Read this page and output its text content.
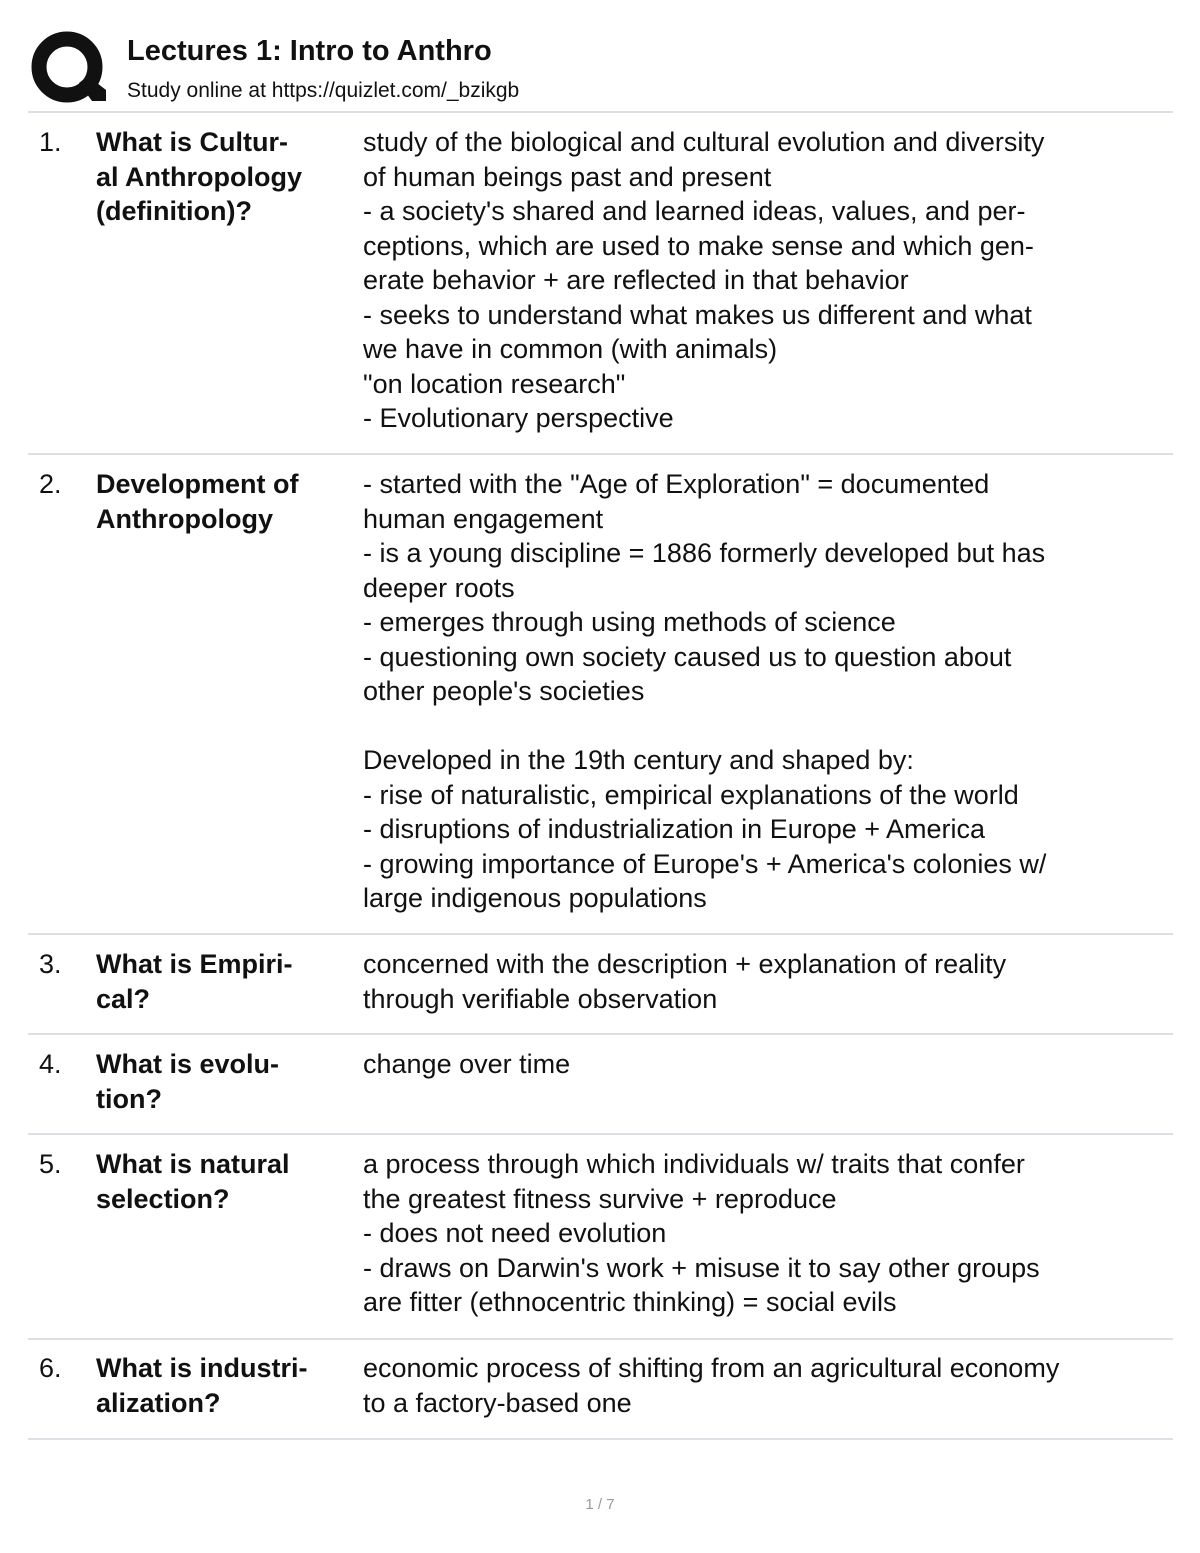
Lectures 1: Intro to Anthro
Study online at https://quizlet.com/_bzikgb
1. What is Cultur-
al Anthropology
(definition)?
study of the biological and cultural evolution and diversity
of human beings past and present
- a society's shared and learned ideas, values, and per-
ceptions, which are used to make sense and which gen-
erate behavior + are reflected in that behavior
- seeks to understand what makes us different and what
we have in common (with animals)
"on location research"
- Evolutionary perspective
2. Development of
Anthropology
- started with the "Age of Exploration" = documented
human engagement
- is a young discipline = 1886 formerly developed but has
deeper roots
- emerges through using methods of science
- questioning own society caused us to question about
other people's societies

Developed in the 19th century and shaped by:
- rise of naturalistic, empirical explanations of the world
- disruptions of industrialization in Europe + America
- growing importance of Europe's + America's colonies w/
large indigenous populations
3. What is Empiri-
cal?
concerned with the description + explanation of reality
through verifiable observation
4. What is evolu-
tion?
change over time
5. What is natural
selection?
a process through which individuals w/ traits that confer
the greatest fitness survive + reproduce
- does not need evolution
- draws on Darwin's work + misuse it to say other groups
are fitter (ethnocentric thinking) = social evils
6. What is industri-
alization?
economic process of shifting from an agricultural economy
to a factory-based one
1 / 7
